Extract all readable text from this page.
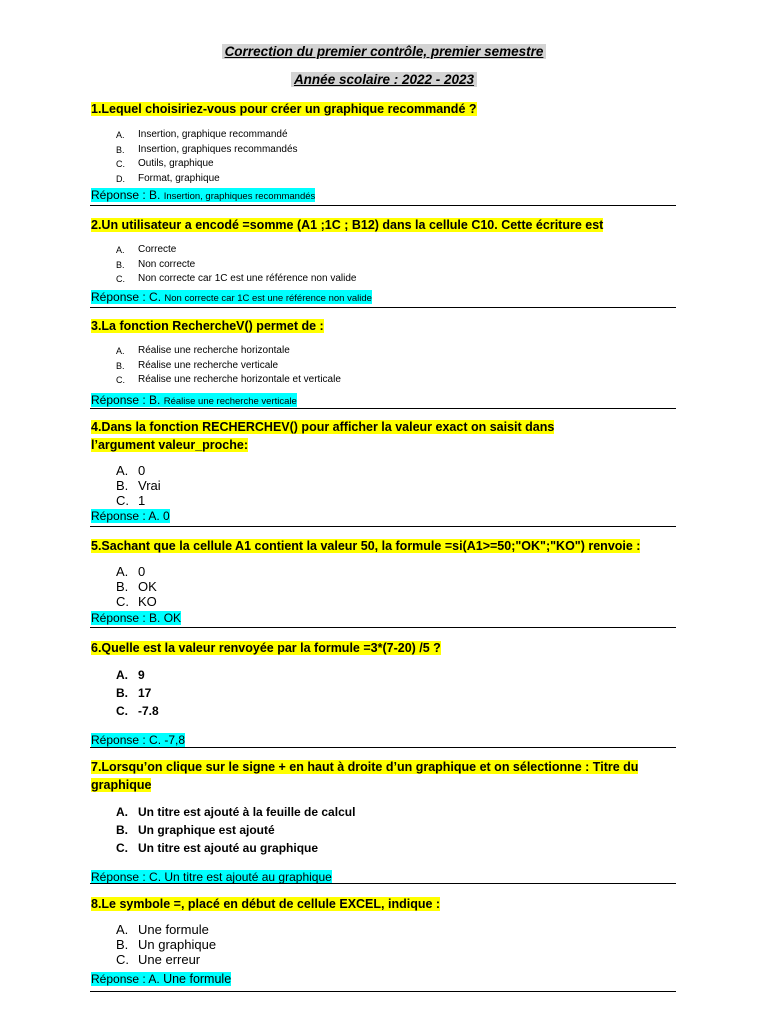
Correction du premier contrôle, premier semestre
Année scolaire : 2022 - 2023

1.Lequel choisiriez-vous pour créer un graphique recommandé ?

A. Insertion, graphique recommandé
B. Insertion, graphiques recommandés
C. Outils, graphique
D. Format, graphique

Réponse : B. Insertion, graphiques recommandés

2.Un utilisateur a encodé =somme (A1 ;1C ; B12) dans la cellule C10. Cette écriture est

A. Correcte
B. Non correcte
C. Non correcte car 1C est une référence non valide

Réponse : C. Non correcte car 1C est une référence non valide

3.La fonction RechercheV() permet de :

A. Réalise une recherche horizontale
B. Réalise une recherche verticale
C. Réalise une recherche horizontale et verticale

Réponse : B. Réalise une recherche verticale

4.Dans la fonction RECHERCHEV() pour afficher la valeur exact on saisit dans
l’argument valeur_proche:

A. 0
B. Vrai
C. 1

Réponse : A. 0

5.Sachant que la cellule A1 contient la valeur 50, la formule =si(A1>=50;"OK";"KO") renvoie :

A. 0
B. OK
C. KO

Réponse : B. OK

6.Quelle est la valeur renvoyée par la formule =3*(7-20) /5 ?

A. 9
B. 17
C. -7.8

Réponse : C. -7,8

7.Lorsqu’on clique sur le signe + en haut à droite d’un graphique et on sélectionne : Titre du
graphique

A. Un titre est ajouté à la feuille de calcul
B. Un graphique est ajouté
C. Un titre est ajouté au graphique

Réponse : C. Un titre est ajouté au graphique

8.Le symbole =, placé en début de cellule EXCEL, indique :

A. Une formule
B. Un graphique
C. Une erreur

Réponse : A. Une formule
